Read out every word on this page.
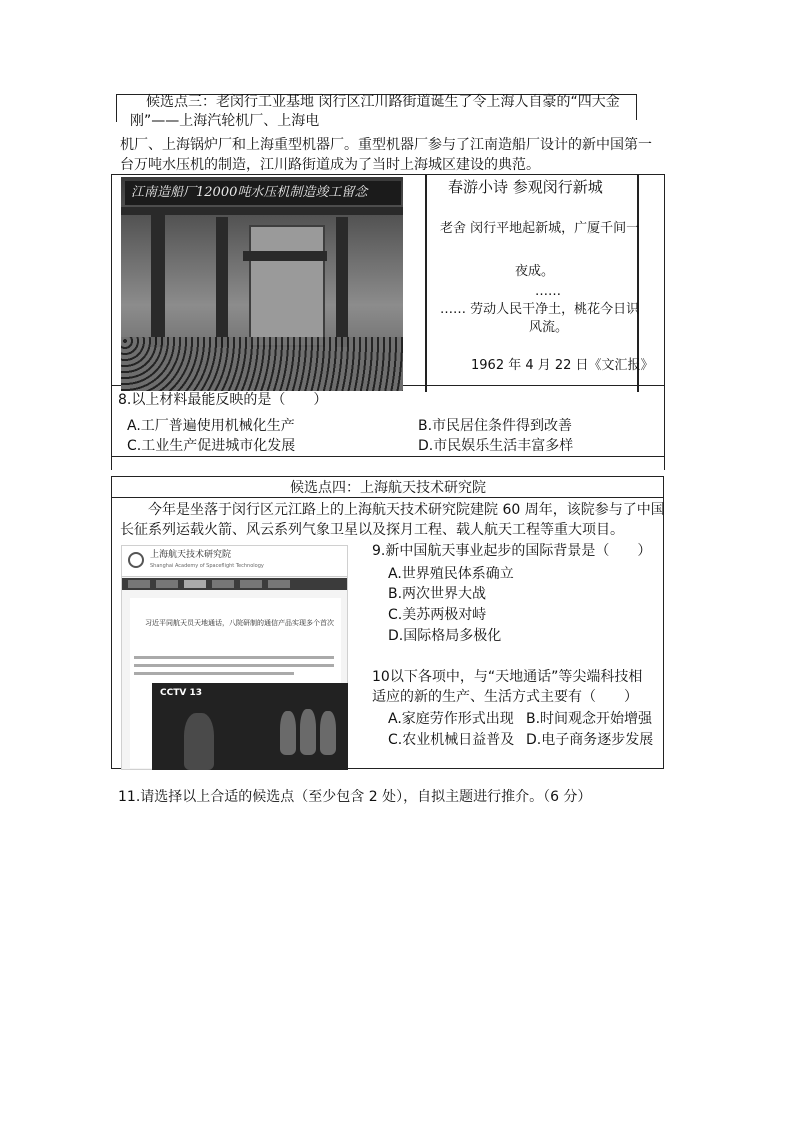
候选点三：老闵行工业基地 闵行区江川路街道诞生了令上海人自豪的“四大金
刚”——上海汽轮机厂、上海电
机厂、上海锅炉厂和上海重型机器厂。重型机器厂参与了江南造船厂设计的新中国第一
台万吨水压机的制造，江川路街道成为了当时上海城区建设的典范。
江南造船厂12000吨水压机制造竣工留念	春游小诗 参观闵行新城
老舍 闵行平地起新城，广厦千间一
夜成。
……
…… 劳动人民干净土，桃花今日识
风流。
1962 年 4 月 22 日《文汇报》
8.以上材料最能反映的是（　　）
A.工厂普遍使用机械化生产	B.市民居住条件得到改善
C.工业生产促进城市化发展	D.市民娱乐生活丰富多样
候选点四：上海航天技术研究院
今年是坐落于闵行区元江路上的上海航天技术研究院建院 60 周年，该院参与了中国
长征系列运载火箭、风云系列气象卫星以及探月工程、载人航天工程等重大项目。
上海航天技术研究院
Shanghai Academy of Spaceflight Technology
习近平同航天员天地通话，八院研制的通信产品实现多个首次
CCTV 13
9.新中国航天事业起步的国际背景是（　　）
A.世界殖民体系确立
B.两次世界大战
C.美苏两极对峙
D.国际格局多极化
10以下各项中，与“天地通话”等尖端科技相
适应的新的生产、生活方式主要有（　　）
A.家庭劳作形式出现 B.时间观念开始增强
C.农业机械日益普及 D.电子商务逐步发展
11.请选择以上合适的候选点（至少包含 2 处），自拟主题进行推介。（6 分）
